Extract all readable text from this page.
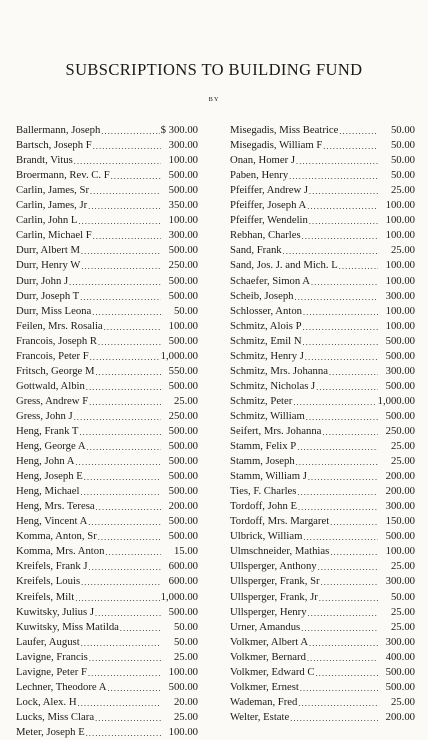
SUBSCRIPTIONS TO BUILDING FUND
BY
Ballermann, Joseph .....	$ 300.00
Bartsch, Joseph F .....	300.00
Brandt, Vitus .....	100.00
Broermann, Rev. C. F .....	500.00
Carlin, James, Sr .....	500.00
Carlin, James, Jr .....	350.00
Carlin, John L .....	100.00
Carlin, Michael F .....	300.00
Durr, Albert M .....	500.00
Durr, Henry W .....	250.00
Durr, John J .....	500.00
Durr, Joseph T .....	500.00
Durr, Miss Leona .....	50.00
Feilen, Mrs. Rosalia .....	100.00
Francois, Joseph R .....	500.00
Francois, Peter F .....	1,000.00
Fritsch, George M .....	550.00
Gottwald, Albin .....	500.00
Gress, Andrew F .....	25.00
Gress, John J .....	250.00
Heng, Frank T .....	500.00
Heng, George A .....	500.00
Heng, John A .....	500.00
Heng, Joseph E .....	500.00
Heng, Michael .....	500.00
Heng, Mrs. Teresa .....	200.00
Heng, Vincent A .....	500.00
Komma, Anton, Sr .....	500.00
Komma, Mrs. Anton .....	15.00
Kreifels, Frank J .....	600.00
Kreifels, Louis .....	600.00
Kreifels, Milt .....	1,000.00
Kuwitsky, Julius J .....	500.00
Kuwitsky, Miss Matilda .....	50.00
Laufer, August .....	50.00
Lavigne, Francis .....	25.00
Lavigne, Peter F .....	100.00
Lechner, Theodore A .....	500.00
Lock, Alex. H .....	20.00
Lucks, Miss Clara .....	25.00
Meter, Joseph E .....	100.00
Misegadis, Miss Beatrice .....	50.00
Misegadis, William F .....	50.00
Onan, Homer J .....	50.00
Paben, Henry .....	50.00
Pfeiffer, Andrew J .....	25.00
Pfeiffer, Joseph A .....	100.00
Pfeiffer, Wendelin .....	100.00
Rebhan, Charles .....	100.00
Sand, Frank .....	25.00
Sand, Jos. J. and Mich. L .....	100.00
Schaefer, Simon A .....	100.00
Scheib, Joseph .....	300.00
Schlosser, Anton .....	100.00
Schmitz, Alois P .....	100.00
Schmitz, Emil N .....	500.00
Schmitz, Henry J .....	500.00
Schmitz, Mrs. Johanna .....	300.00
Schmitz, Nicholas J .....	500.00
Schmitz, Peter .....	1,000.00
Schmitz, William .....	500.00
Seifert, Mrs. Johanna .....	250.00
Stamm, Felix P .....	25.00
Stamm, Joseph .....	25.00
Stamm, William J .....	200.00
Ties, F. Charles .....	200.00
Tordoff, John E .....	300.00
Tordoff, Mrs. Margaret .....	150.00
Ulbrick, William .....	500.00
Ulmschneider, Mathias .....	100.00
Ullsperger, Anthony .....	25.00
Ullsperger, Frank, Sr .....	300.00
Ullsperger, Frank, Jr .....	50.00
Ullsperger, Henry .....	25.00
Urner, Amandus .....	25.00
Volkmer, Albert A .....	300.00
Volkmer, Bernard .....	400.00
Volkmer, Edward C .....	500.00
Volkmer, Ernest .....	500.00
Wademan, Fred .....	25.00
Welter, Estate .....	200.00
